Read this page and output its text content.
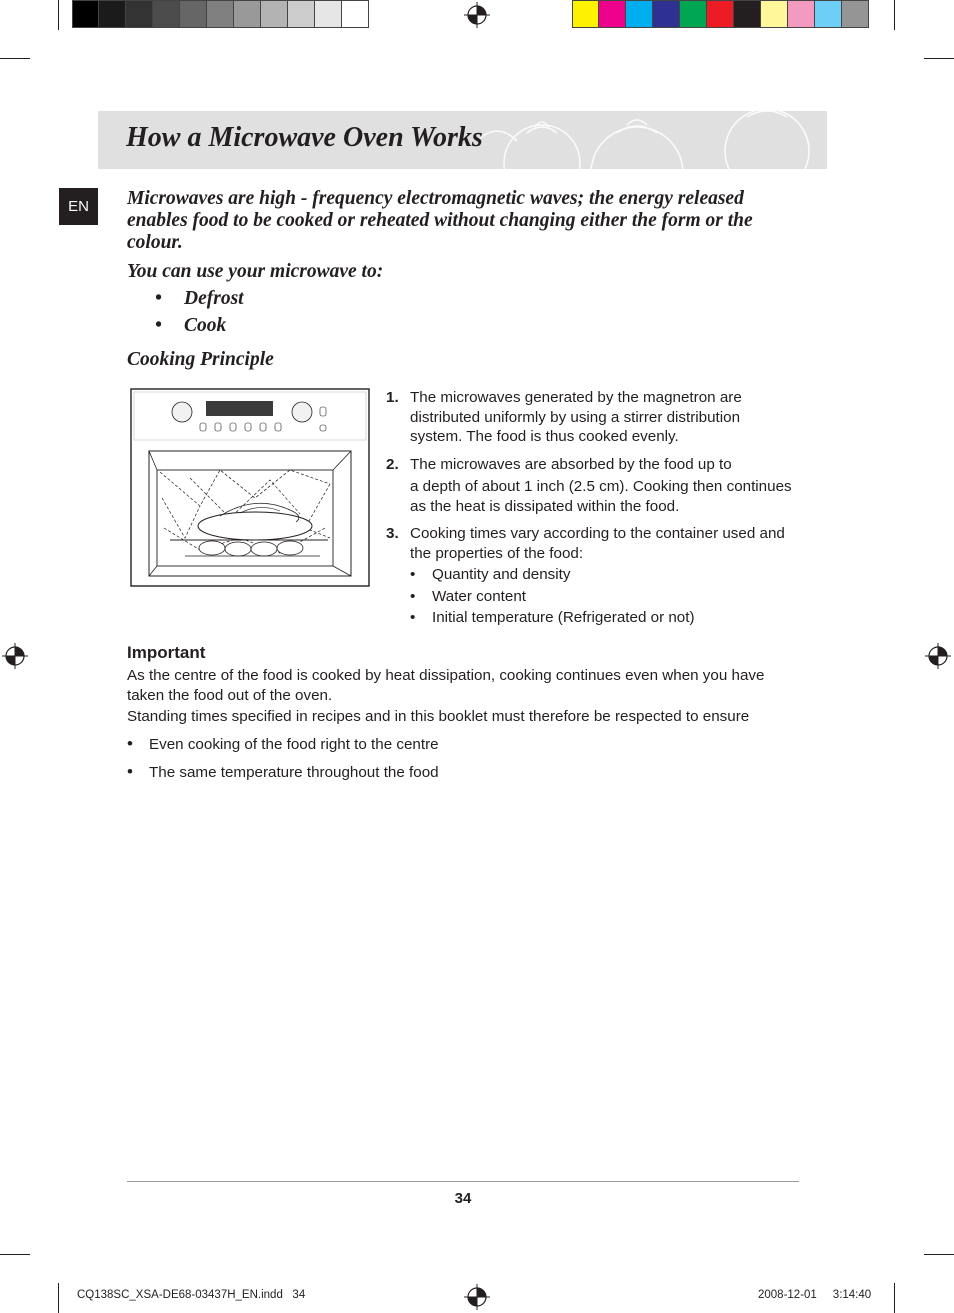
How a Microwave Oven Works
EN	Microwaves are high - frequency electromagnetic waves; the energy released enables food to be cooked or reheated without changing either the form or the colour.
You can use your microwave to:
• Defrost
• Cook
Cooking Principle
1. The microwaves generated by the magnetron are distributed uniformly by using a stirrer distribution system. The food is thus cooked evenly.

2. The microwaves are absorbed by the food up to

a depth of about 1 inch (2.5 cm). Cooking then continues as the heat is dissipated within the food.

3. Cooking times vary according to the container used and the properties of the food:

• Quantity and density
• Water content
• Initial temperature (Refrigerated or not)
Important

As the centre of the food is cooked by heat dissipation, cooking continues even when you have taken the food out of the oven.

Standing times specified in recipes and in this booklet must therefore be respected to ensure

• Even cooking of the food right to the centre
• The same temperature throughout the food
34
CQ138SC_XSA-DE68-03437H_EN.indd   34	2008-12-01     3:14:40
